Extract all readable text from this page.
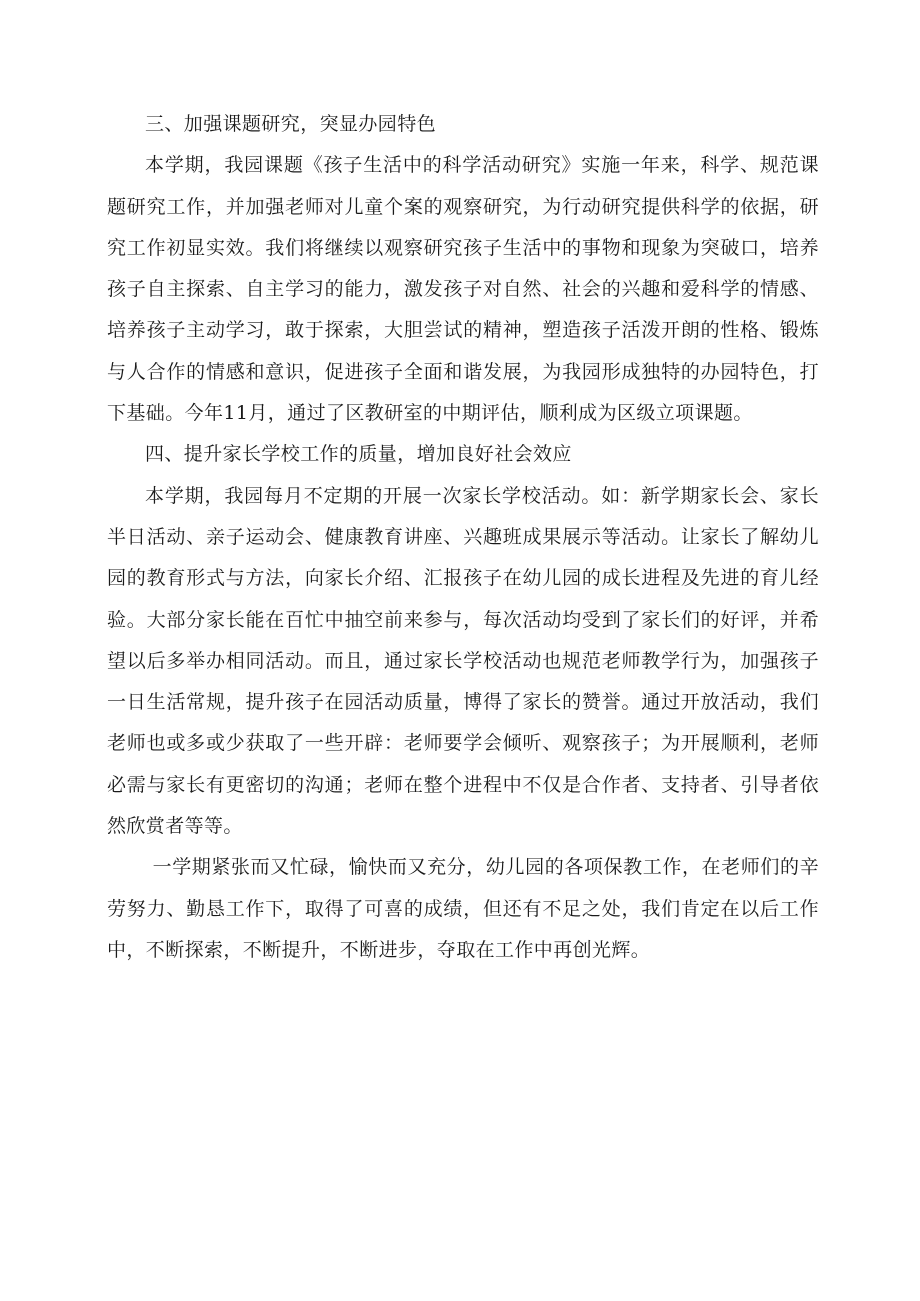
三、加强课题研究，突显办园特色

本学期，我园课题《孩子生活中的科学活动研究》实施一年来，科学、规范课题研究工作，并加强老师对儿童个案的观察研究，为行动研究提供科学的依据，研究工作初显实效。我们将继续以观察研究孩子生活中的事物和现象为突破口，培养孩子自主探索、自主学习的能力，激发孩子对自然、社会的兴趣和爱科学的情感、培养孩子主动学习，敢于探索，大胆尝试的精神，塑造孩子活泼开朗的性格、锻炼与人合作的情感和意识，促进孩子全面和谐发展，为我园形成独特的办园特色，打下基础。今年11月，通过了区教研室的中期评估，顺利成为区级立项课题。

四、提升家长学校工作的质量，增加良好社会效应

本学期，我园每月不定期的开展一次家长学校活动。如：新学期家长会、家长半日活动、亲子运动会、健康教育讲座、兴趣班成果展示等活动。让家长了解幼儿园的教育形式与方法，向家长介绍、汇报孩子在幼儿园的成长进程及先进的育儿经验。大部分家长能在百忙中抽空前来参与，每次活动均受到了家长们的好评，并希望以后多举办相同活动。而且，通过家长学校活动也规范老师教学行为，加强孩子一日生活常规，提升孩子在园活动质量，博得了家长的赞誉。通过开放活动，我们老师也或多或少获取了一些开辟：老师要学会倾听、观察孩子；为开展顺利，老师必需与家长有更密切的沟通；老师在整个进程中不仅是合作者、支持者、引导者依然欣赏者等等。

一学期紧张而又忙碌，愉快而又充分，幼儿园的各项保教工作，在老师们的辛劳努力、勤恳工作下，取得了可喜的成绩，但还有不足之处，我们肯定在以后工作中，不断探索，不断提升，不断进步，夺取在工作中再创光辉。
